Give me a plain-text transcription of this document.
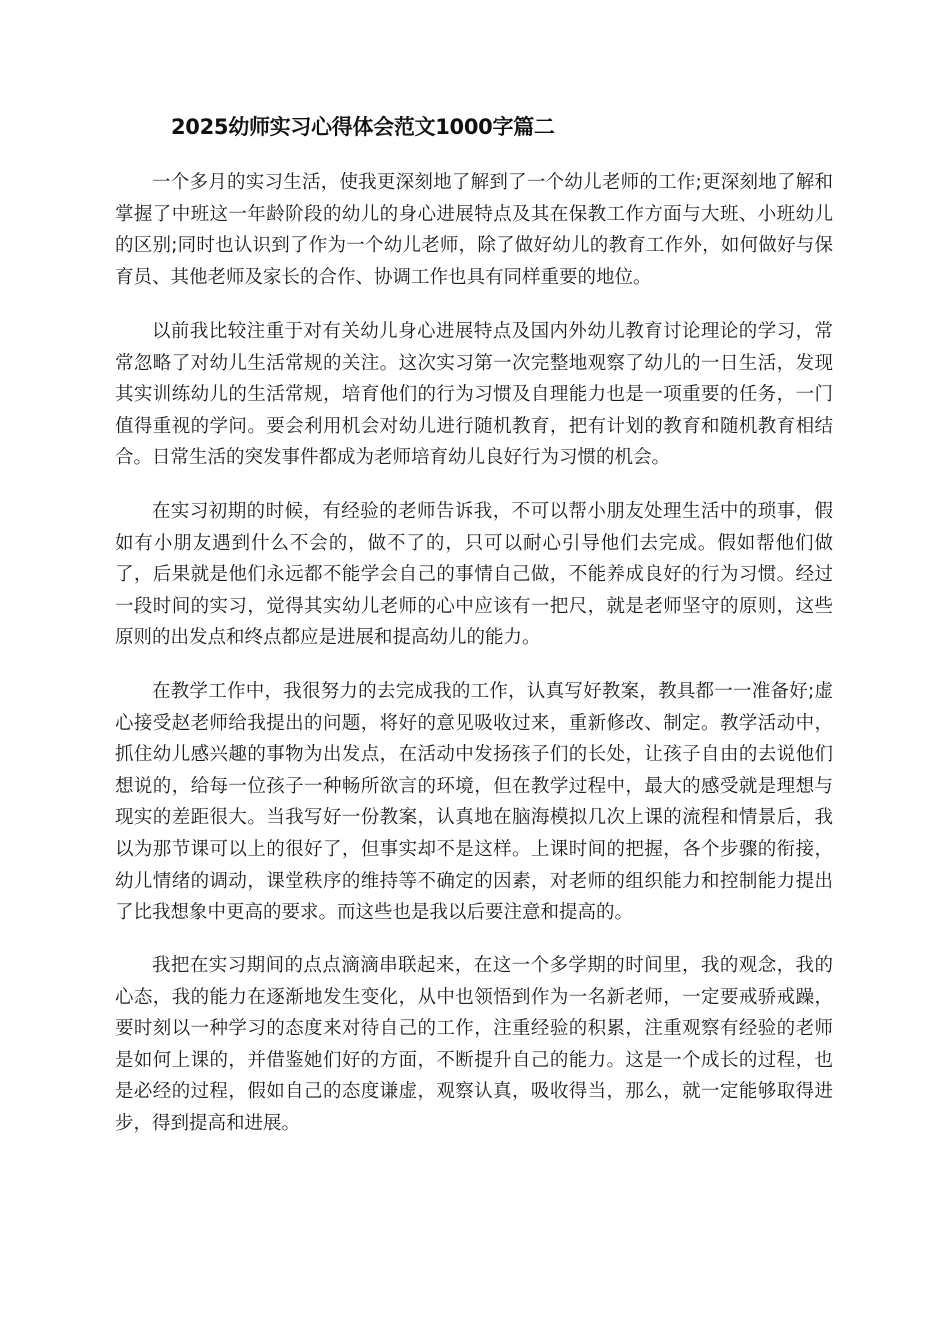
2025幼师实习心得体会范文1000字篇二

一个多月的实习生活，使我更深刻地了解到了一个幼儿老师的工作;更深刻地了解和掌握了中班这一年龄阶段的幼儿的身心进展特点及其在保教工作方面与大班、小班幼儿的区别;同时也认识到了作为一个幼儿老师，除了做好幼儿的教育工作外，如何做好与保育员、其他老师及家长的合作、协调工作也具有同样重要的地位。

以前我比较注重于对有关幼儿身心进展特点及国内外幼儿教育讨论理论的学习，常常忽略了对幼儿生活常规的关注。这次实习第一次完整地观察了幼儿的一日生活，发现其实训练幼儿的生活常规，培育他们的行为习惯及自理能力也是一项重要的任务，一门值得重视的学问。要会利用机会对幼儿进行随机教育，把有计划的教育和随机教育相结合。日常生活的突发事件都成为老师培育幼儿良好行为习惯的机会。

在实习初期的时候，有经验的老师告诉我，不可以帮小朋友处理生活中的琐事，假如有小朋友遇到什么不会的，做不了的，只可以耐心引导他们去完成。假如帮他们做了，后果就是他们永远都不能学会自己的事情自己做，不能养成良好的行为习惯。经过一段时间的实习，觉得其实幼儿老师的心中应该有一把尺，就是老师坚守的原则，这些原则的出发点和终点都应是进展和提高幼儿的能力。

在教学工作中，我很努力的去完成我的工作，认真写好教案，教具都一一准备好;虚心接受赵老师给我提出的问题，将好的意见吸收过来，重新修改、制定。教学活动中，抓住幼儿感兴趣的事物为出发点，在活动中发扬孩子们的长处，让孩子自由的去说他们想说的，给每一位孩子一种畅所欲言的环境，但在教学过程中，最大的感受就是理想与现实的差距很大。当我写好一份教案，认真地在脑海模拟几次上课的流程和情景后，我以为那节课可以上的很好了，但事实却不是这样。上课时间的把握，各个步骤的衔接，幼儿情绪的调动，课堂秩序的维持等不确定的因素，对老师的组织能力和控制能力提出了比我想象中更高的要求。而这些也是我以后要注意和提高的。

我把在实习期间的点点滴滴串联起来，在这一个多学期的时间里，我的观念，我的心态，我的能力在逐渐地发生变化，从中也领悟到作为一名新老师，一定要戒骄戒躁，要时刻以一种学习的态度来对待自己的工作，注重经验的积累，注重观察有经验的老师是如何上课的，并借鉴她们好的方面，不断提升自己的能力。这是一个成长的过程，也是必经的过程，假如自己的态度谦虚，观察认真，吸收得当，那么，就一定能够取得进步，得到提高和进展。
